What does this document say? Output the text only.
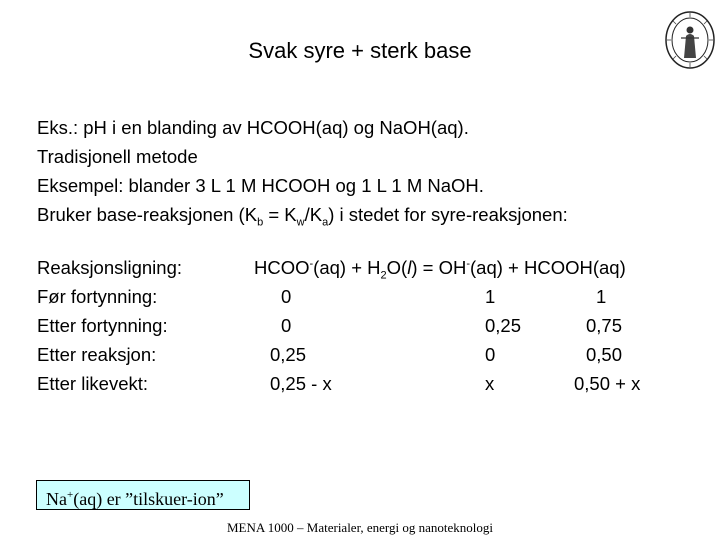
Svak syre + sterk base
Eks.: pH i en blanding av HCOOH(aq) og NaOH(aq).
Tradisjonell metode
Eksempel: blander 3 L 1 M HCOOH og 1 L 1 M NaOH.
Bruker base-reaksjonen $(K_b = K_w/K_a)$ i stedet for syre-reaksjonen:
Reaksjonsligning:	HCOO-(aq) + $H_2O(l) = OH^-(aq)$ + HCOOH(aq)
Før fortynning:	0	1	1
Etter fortynning:	0	0,25	0,75
Etter reaksjon:	0,25	0	0,50
Etter likevekt:	0,25 - x	x	0,50 + x
Na+(aq) er ”tilskuer-ion”
MENA 1000 – Materialer, energi og nanoteknologi
